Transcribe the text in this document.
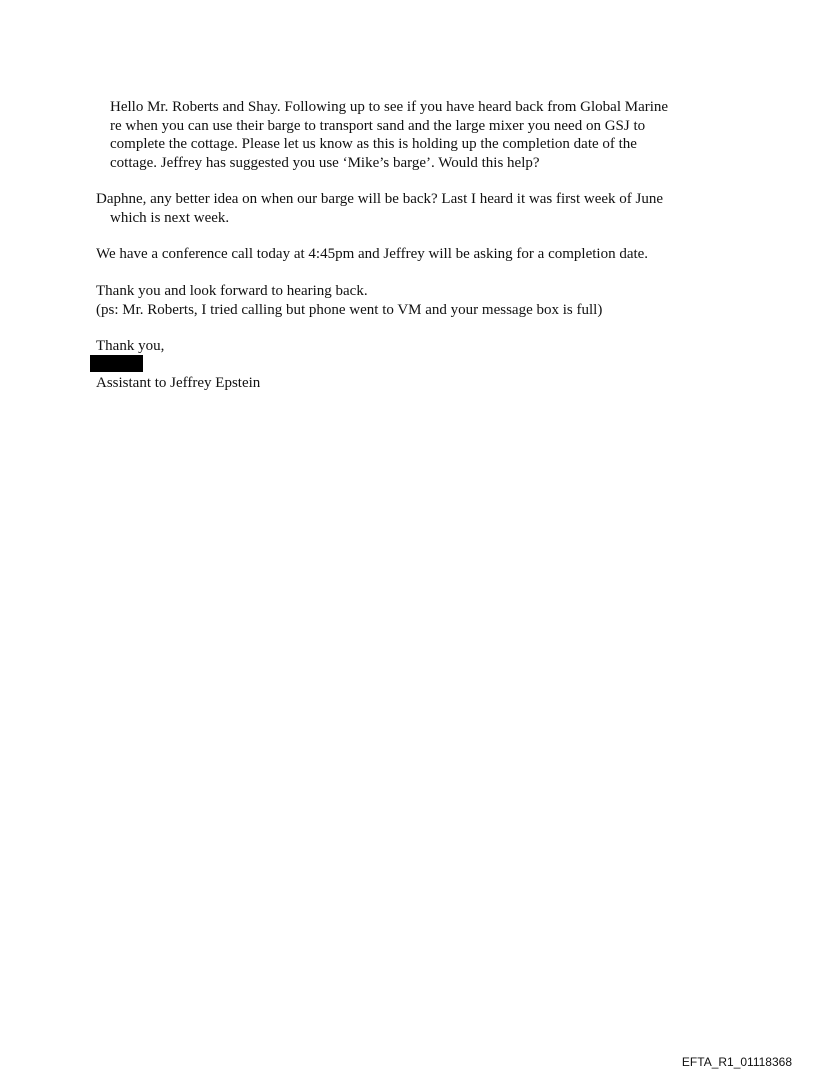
Hello Mr. Roberts and Shay. Following up to see if you have heard back from Global Marine
re when you can use their barge to transport sand and the large mixer you need on GSJ to
complete the cottage. Please let us know as this is holding up the completion date of the
cottage. Jeffrey has suggested you use ‘Mike’s barge’. Would this help?
Daphne, any better idea on when our barge will be back? Last I heard it was first week of June
which is next week.
We have a conference call today at 4:45pm and Jeffrey will be asking for a completion date.
Thank you and look forward to hearing back.
(ps: Mr. Roberts, I tried calling but phone went to VM and your message box is full)
Thank you,

Assistant to Jeffrey Epstein
EFTA_R1_01118368
